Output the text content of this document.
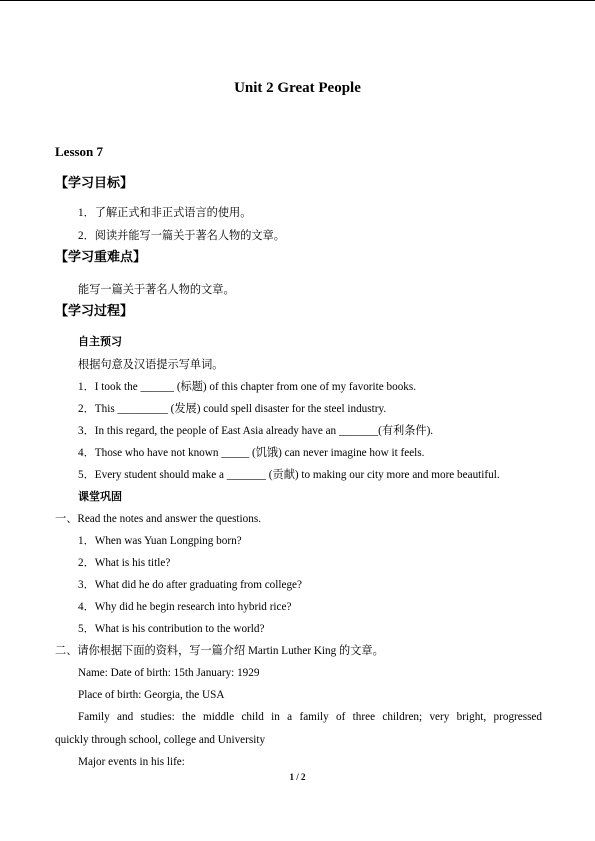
Unit 2 Great People
Lesson 7
【学习目标】
1．了解正式和非正式语言的使用。
2．阅读并能写一篇关于著名人物的文章。
【学习重难点】
能写一篇关于著名人物的文章。
【学习过程】
自主预习
根据句意及汉语提示写单词。
1．I took the ______ (标题) of this chapter from one of my favorite books.
2．This _________ (发展) could spell disaster for the steel industry.
3．In this regard, the people of East Asia already have an _______(有利条件).
4．Those who have not known _____ (饥饿) can never imagine how it feels.
5．Every student should make a _______ (贡献) to making our city more and more beautiful.
课堂巩固
一、Read the notes and answer the questions.
1．When was Yuan Longping born?
2．What is his title?
3．What did he do after graduating from college?
4．Why did he begin research into hybrid rice?
5．What is his contribution to the world?
二、请你根据下面的资料，写一篇介绍 Martin Luther King 的文章。
Name: Date of birth: 15th January: 1929
Place of birth: Georgia, the USA
Family and studies: the middle child in a family of three children; very bright, progressed
quickly through school, college and University
Major events in his life:
1 / 2
